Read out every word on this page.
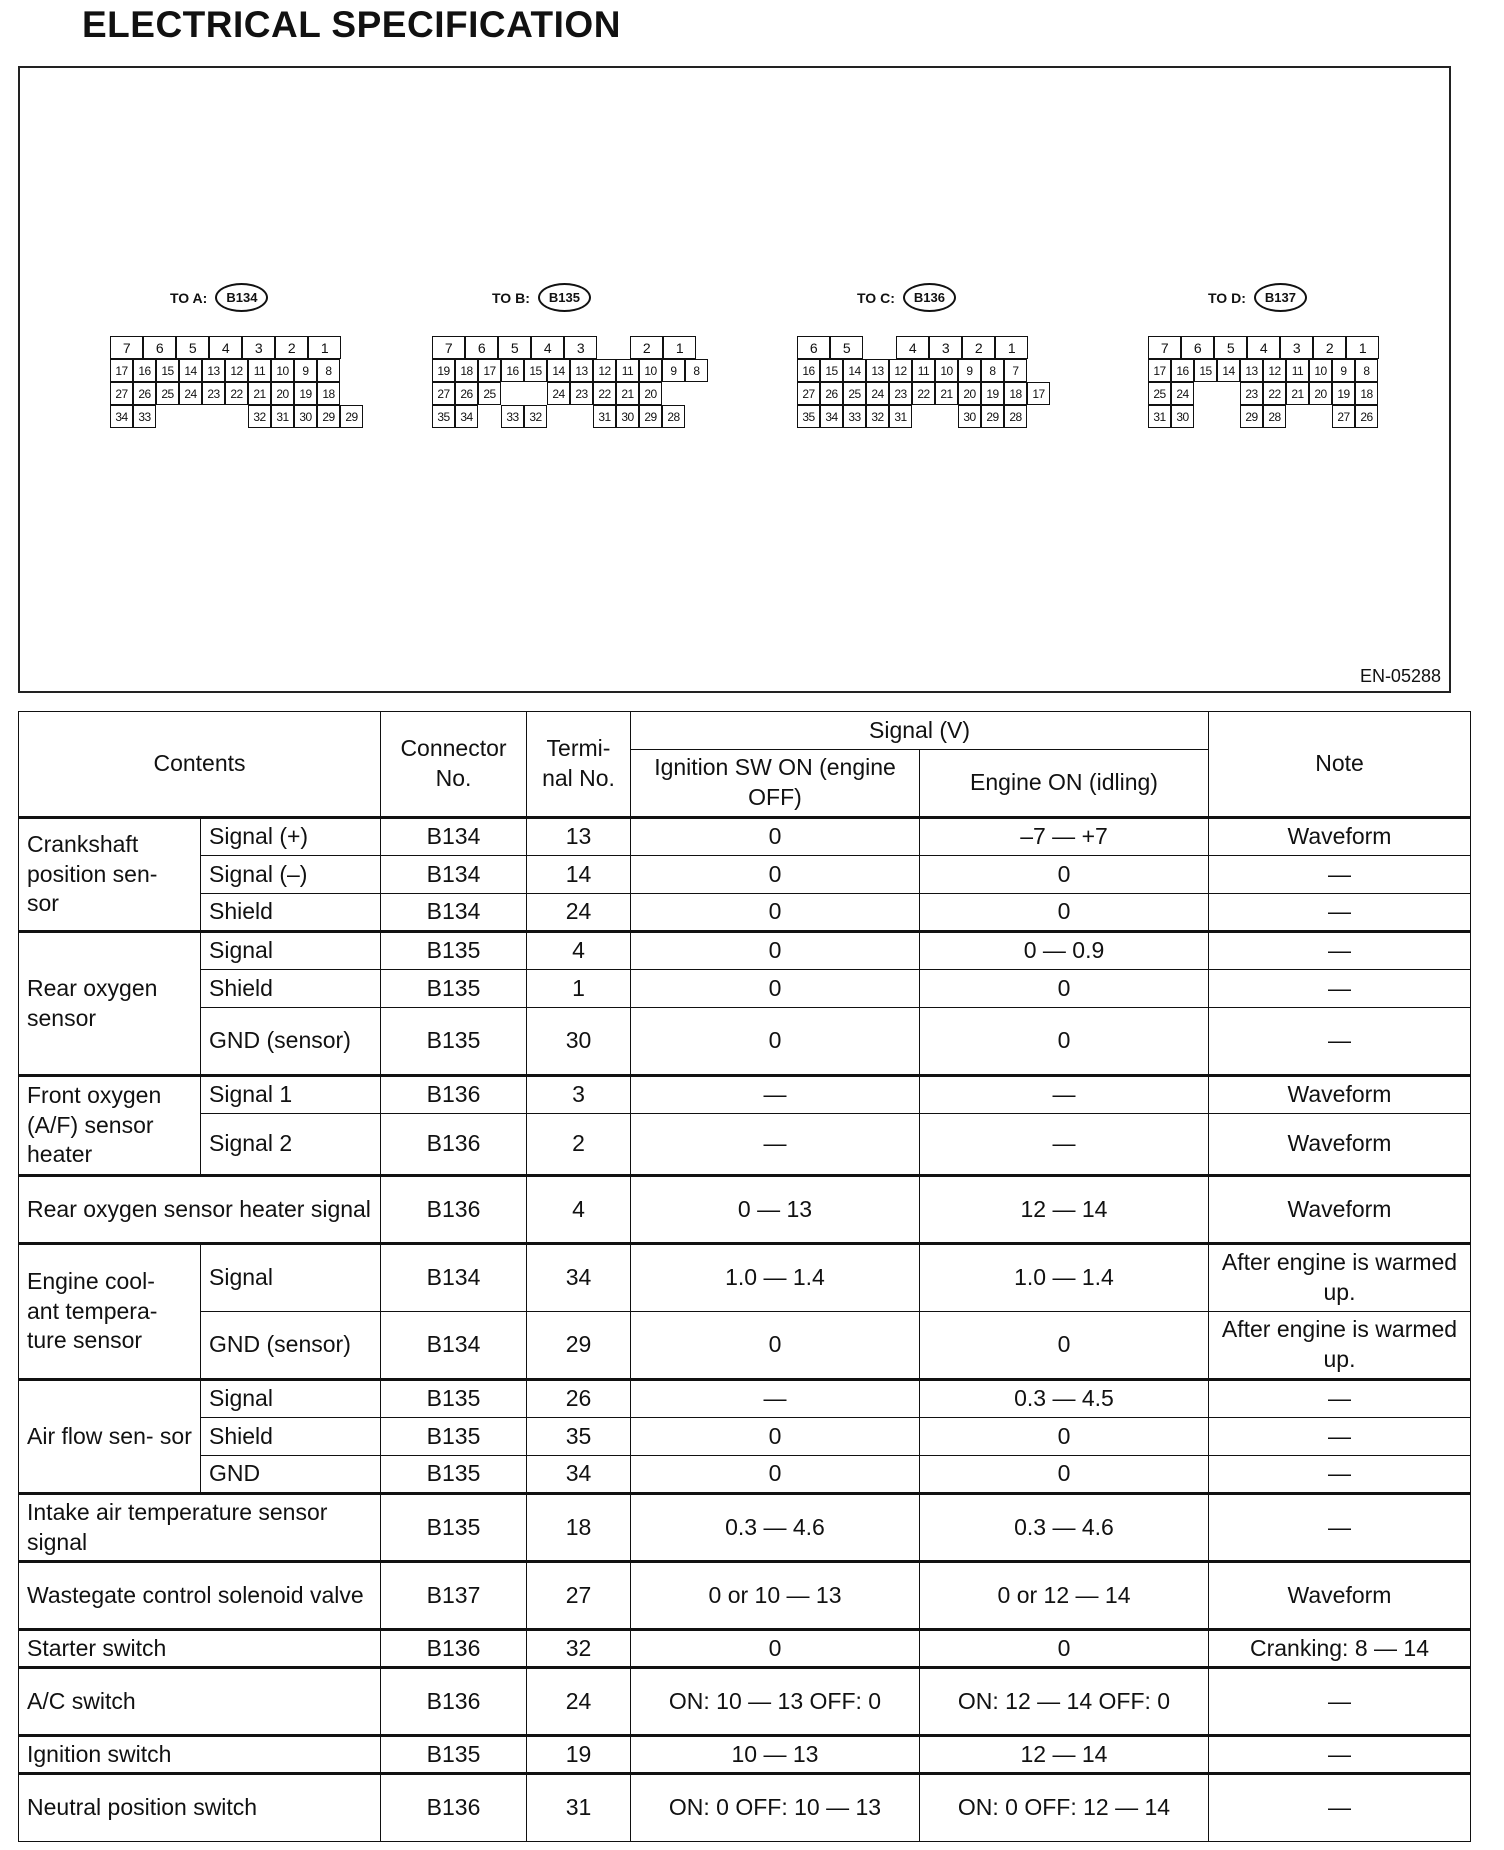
ELECTRICAL SPECIFICATION
TO A:	B134
7	6	5	4	3	2	1
17 16 15 14 13 12 11 10	9	8
27 26 25 24 23 22 21 20 19 18
34 33	32 31 30 29 29
TO B:	B135
7	6	5	4	3	2	1
19 18 17 16 15 14 13 12 11 10	9	8
27 26 25	24 23 22 21 20
35 34	33 32	31 30 29 28
TO C:	B136
6	5	4	3	2	1
16 15 14 13 12 11 10	9	8	7
27 26 25 24 23 22 21 20 19 18 17
35 34 33 32 31	30 29 28
TO D:	B137
7	6	5	4	3	2	1
17 16 15 14 13 12 11 10	9	8
25 24	23 22 21 20 19 18
31 30	29 28	27 26
EN-05288
Contents		Connector No.	Termi- nal No.	Signal (V)		Note
				Ignition SW ON (engine OFF)	Engine ON (idling)	
Crankshaft position sen- sor	Signal (+)	B134	13	0	–7 — +7	Waveform
	Signal (–)	B134	14	0	0	—
	Shield	B134	24	0	0	—
Rear oxygen sensor	Signal	B135	4	0	0 — 0.9	—
	Shield	B135	1	0	0	—
	GND (sensor)	B135	30	0	0	—
Front oxygen (A/F) sensor heater	Signal 1	B136	3	—	—	Waveform
	Signal 2	B136	2	—	—	Waveform
Rear oxygen sensor heater signal		B136	4	0 — 13	12 — 14	Waveform
Engine cool- ant tempera- ture sensor	Signal	B134	34	1.0 — 1.4	1.0 — 1.4	After engine is warmed up.
	GND (sensor)	B134	29	0	0	After engine is warmed up.
Air flow sen- sor	Signal	B135	26	—	0.3 — 4.5	—
	Shield	B135	35	0	0	—
	GND	B135	34	0	0	—
Intake air temperature sensor signal		B135	18	0.3 — 4.6	0.3 — 4.6	—
Wastegate control solenoid valve		B137	27	0 or 10 — 13	0 or 12 — 14	Waveform
Starter switch		B136	32	0	0	Cranking: 8 — 14
A/C switch		B136	24	ON: 10 — 13 OFF: 0	ON: 12 — 14 OFF: 0	—
Ignition switch		B135	19	10 — 13	12 — 14	—
Neutral position switch		B136	31	ON: 0 OFF: 10 — 13	ON: 0 OFF: 12 — 14	—
